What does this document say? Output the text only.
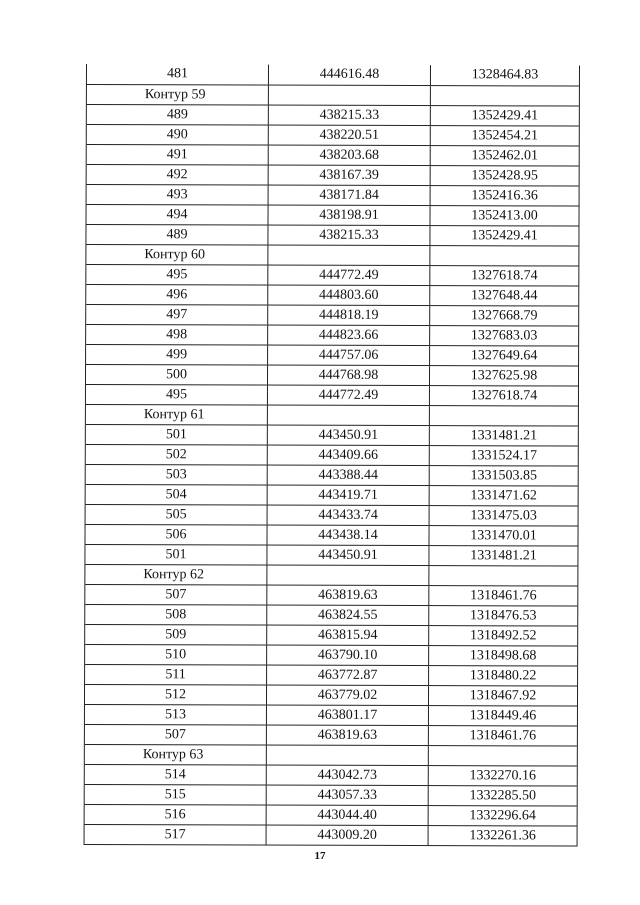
481	444616.48	1328464.83
Контур 59
489	438215.33	1352429.41
490	438220.51	1352454.21
491	438203.68	1352462.01
492	438167.39	1352428.95
493	438171.84	1352416.36
494	438198.91	1352413.00
489	438215.33	1352429.41
Контур 60
495	444772.49	1327618.74
496	444803.60	1327648.44
497	444818.19	1327668.79
498	444823.66	1327683.03
499	444757.06	1327649.64
500	444768.98	1327625.98
495	444772.49	1327618.74
Контур 61
501	443450.91	1331481.21
502	443409.66	1331524.17
503	443388.44	1331503.85
504	443419.71	1331471.62
505	443433.74	1331475.03
506	443438.14	1331470.01
501	443450.91	1331481.21
Контур 62
507	463819.63	1318461.76
508	463824.55	1318476.53
509	463815.94	1318492.52
510	463790.10	1318498.68
511	463772.87	1318480.22
512	463779.02	1318467.92
513	463801.17	1318449.46
507	463819.63	1318461.76
Контур 63
514	443042.73	1332270.16
515	443057.33	1332285.50
516	443044.40	1332296.64
517	443009.20	1332261.36
17
